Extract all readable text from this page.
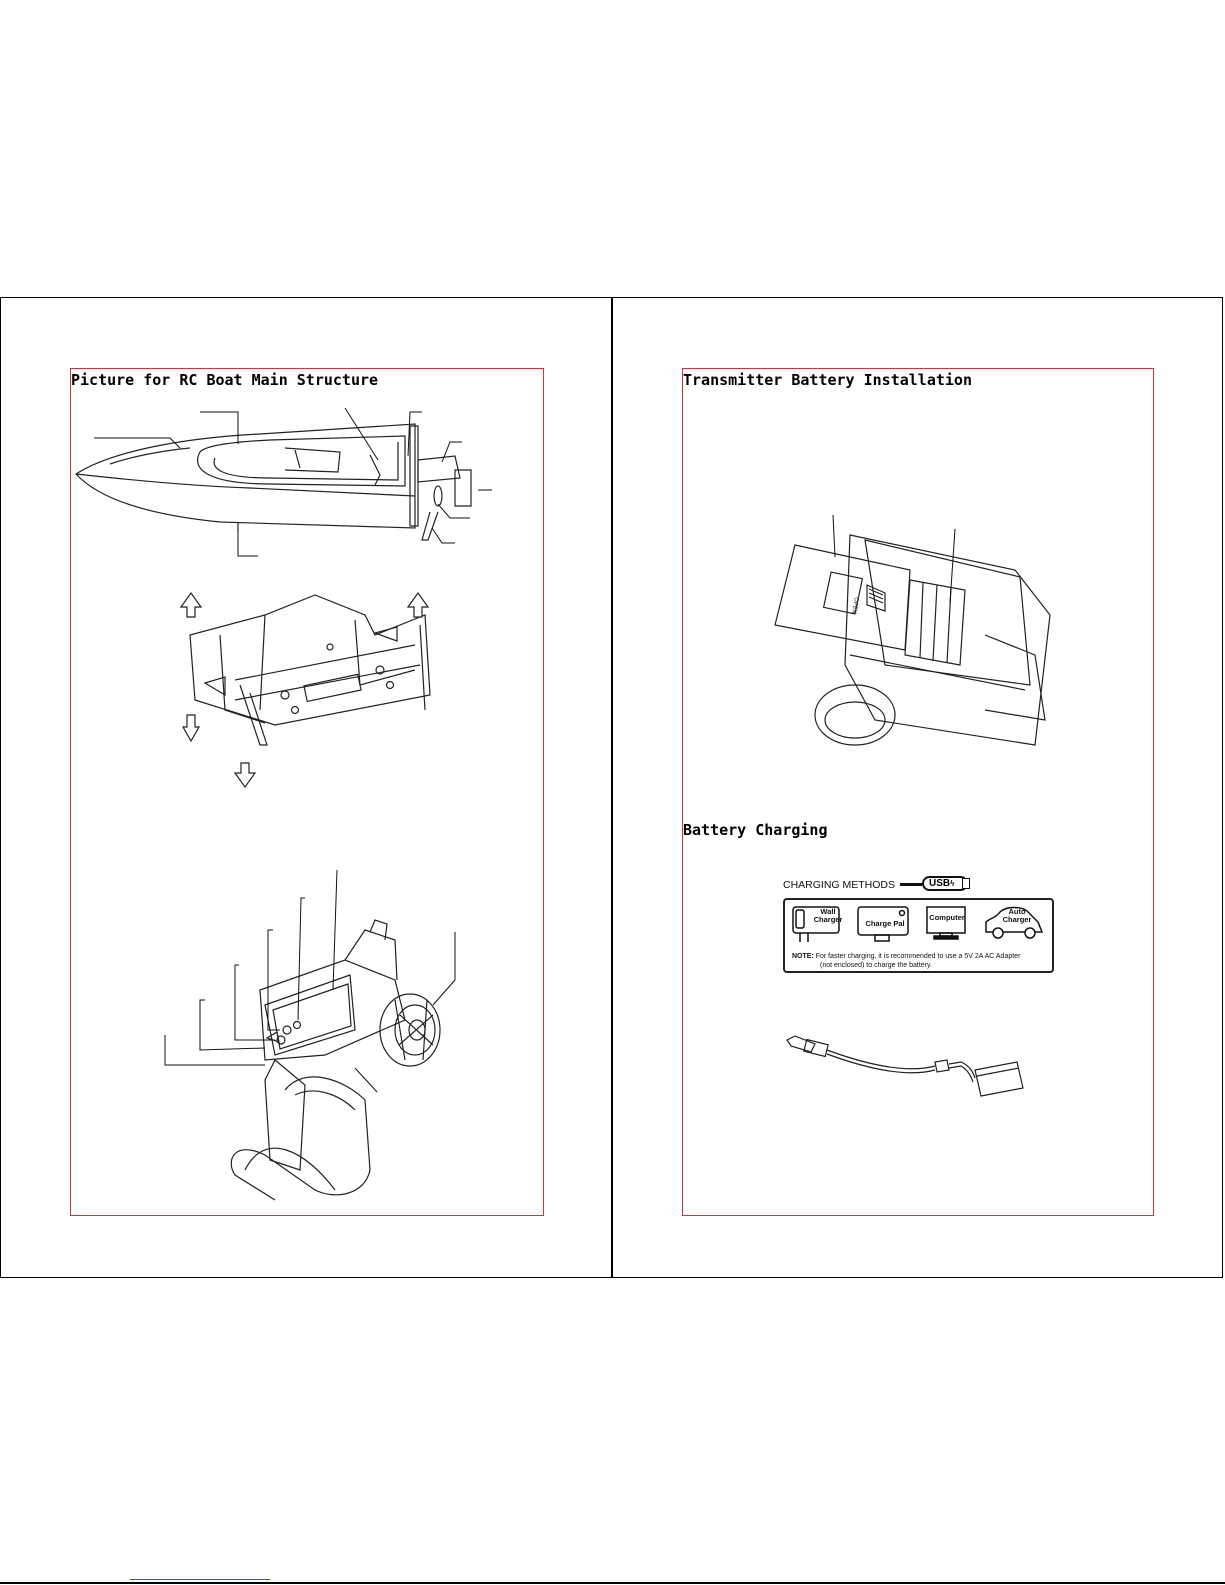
Picture for RC Boat Main Structure	Transmitter Battery Installation
OPEN
Battery Charging
CHARGING METHODS	USBϟ
Wall Charger	Charge Pal
Computer
Auto Charger
NOTE: For faster charging, it is recommended to use a 5V 2A AC Adapter
(not enclosed) to charge the battery.
